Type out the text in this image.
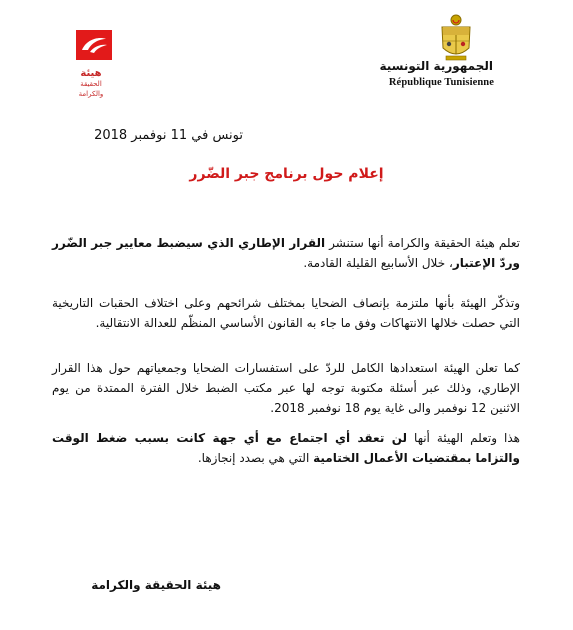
هيئة
الحقيقة
والكرامة
الجمهورية التونسية
République Tunisienne
تونس في 11 نوفمبر 2018
إعلام حول برنامج جبر الضّرر
تعلم هيئة الحقيقة والكرامة أنها ستنشر القرار الإطاري الذي سيضبط معايير جبر الضّرر وردّ الإعتبار، خلال الأسابيع القليلة القادمة.
وتذكّر الهيئة بأنها ملتزمة بإنصاف الضحايا بمختلف شرائحهم وعلى اختلاف الحقبات التاريخية التي حصلت خلالها الانتهاكات وفق ما جاء به القانون الأساسي المنظّم للعدالة الانتقالية.
كما تعلن الهيئة استعدادها الكامل للردّ على استفسارات الضحايا وجمعياتهم حول هذا القرار الإطاري، وذلك عبر أسئلة مكتوبة توجه لها عبر مكتب الضبط خلال الفترة الممتدة من يوم الاثنين 12 نوفمبر والى غاية يوم 18 نوفمبر 2018.
هذا وتعلم الهيئة أنها لن تعقد أي اجتماع مع أي جهة كانت بسبب ضغط الوقت والتزاما بمقتضيات الأعمال الختامية التي هي بصدد إنجازها.
هيئة الحقيقة والكرامة
